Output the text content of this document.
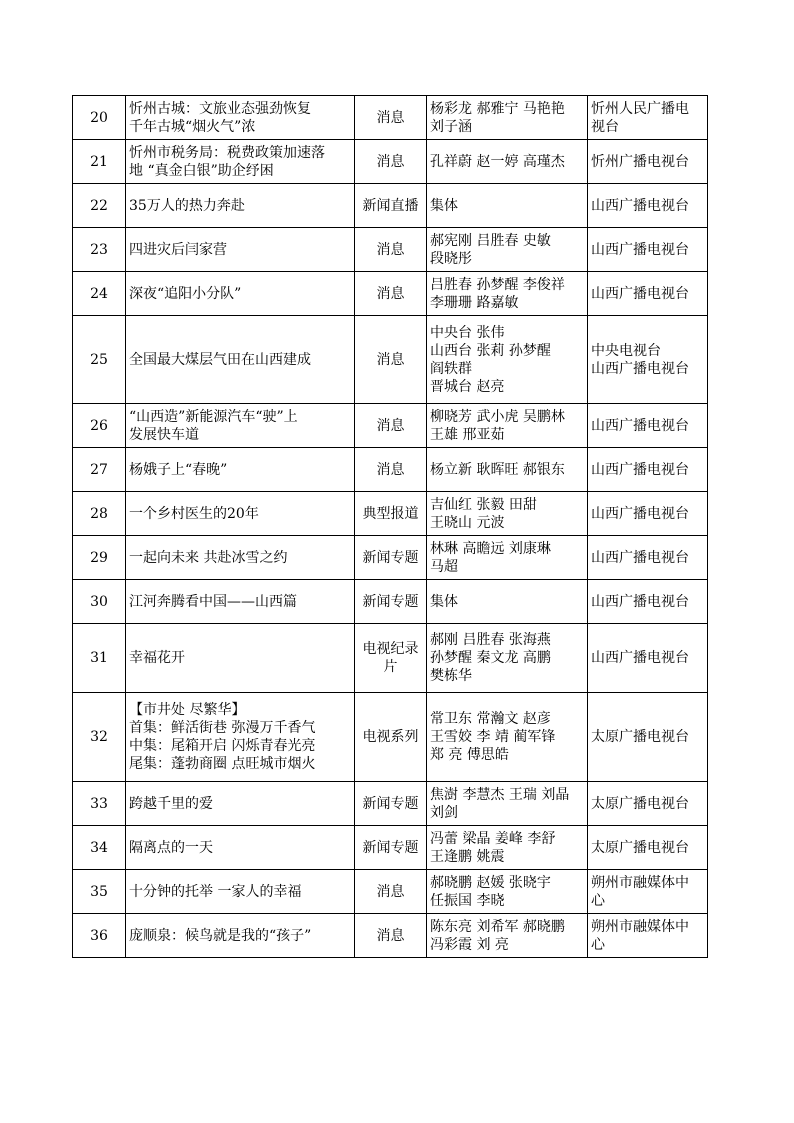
20	忻州古城：文旅业态强劲恢复
千年古城“烟火气”浓	消息	杨彩龙 郝雅宁 马艳艳
刘子涵	忻州人民广播电
视台

21	忻州市税务局：税费政策加速落
地 “真金白银”助企纾困	消息	孔祥蔚 赵一婷 高瑾杰	忻州广播电视台

22	35万人的热力奔赴	新闻直播	集体	山西广播电视台

23	四进灾后闫家营	消息	郝宪刚 吕胜春 史敏
段晓彤	山西广播电视台

24	深夜“追阳小分队”	消息	吕胜春 孙梦醒 李俊祥
李珊珊 路嘉敏	山西广播电视台

25	全国最大煤层气田在山西建成	消息	中央台 张伟
山西台 张莉 孙梦醒
阎轶群
晋城台 赵亮	中央电视台
山西广播电视台

26	“山西造”新能源汽车“驶”上
发展快车道	消息	柳晓芳 武小虎 吴鹏林
王雄 邢亚茹	山西广播电视台

27	杨娥子上“春晚”	消息	杨立新 耿晖旺 郝银东	山西广播电视台

28	一个乡村医生的20年	典型报道	吉仙红 张毅 田甜
王晓山 元波	山西广播电视台

29	一起向未来 共赴冰雪之约	新闻专题	林琳 高瞻远 刘康琳
马超	山西广播电视台

30	江河奔腾看中国——山西篇	新闻专题	集体	山西广播电视台

31	幸福花开	电视纪录
片	郝刚 吕胜春 张海燕
孙梦醒 秦文龙 高鹏
樊栋华	山西广播电视台

32	【市井处 尽繁华】
首集：鲜活街巷 弥漫万千香气
中集：尾箱开启 闪烁青春光亮
尾集：蓬勃商圈 点旺城市烟火	电视系列	常卫东 常瀚文 赵彦
王雪姣 李 靖 蔺军锋
郑 亮 傅思皓	太原广播电视台

33	跨越千里的爱	新闻专题	焦澍 李慧杰 王瑞 刘晶
刘剑	太原广播电视台

34	隔离点的一天	新闻专题	冯蕾 梁晶 姜峰 李舒
王逢鹏 姚震	太原广播电视台

35	十分钟的托举 一家人的幸福	消息	郝晓鹏 赵媛 张晓宇
任振国 李晓	朔州市融媒体中
心

36	庞顺泉：候鸟就是我的“孩子”	消息	陈东亮 刘希军 郝晓鹏
冯彩霞 刘 亮	朔州市融媒体中
心
